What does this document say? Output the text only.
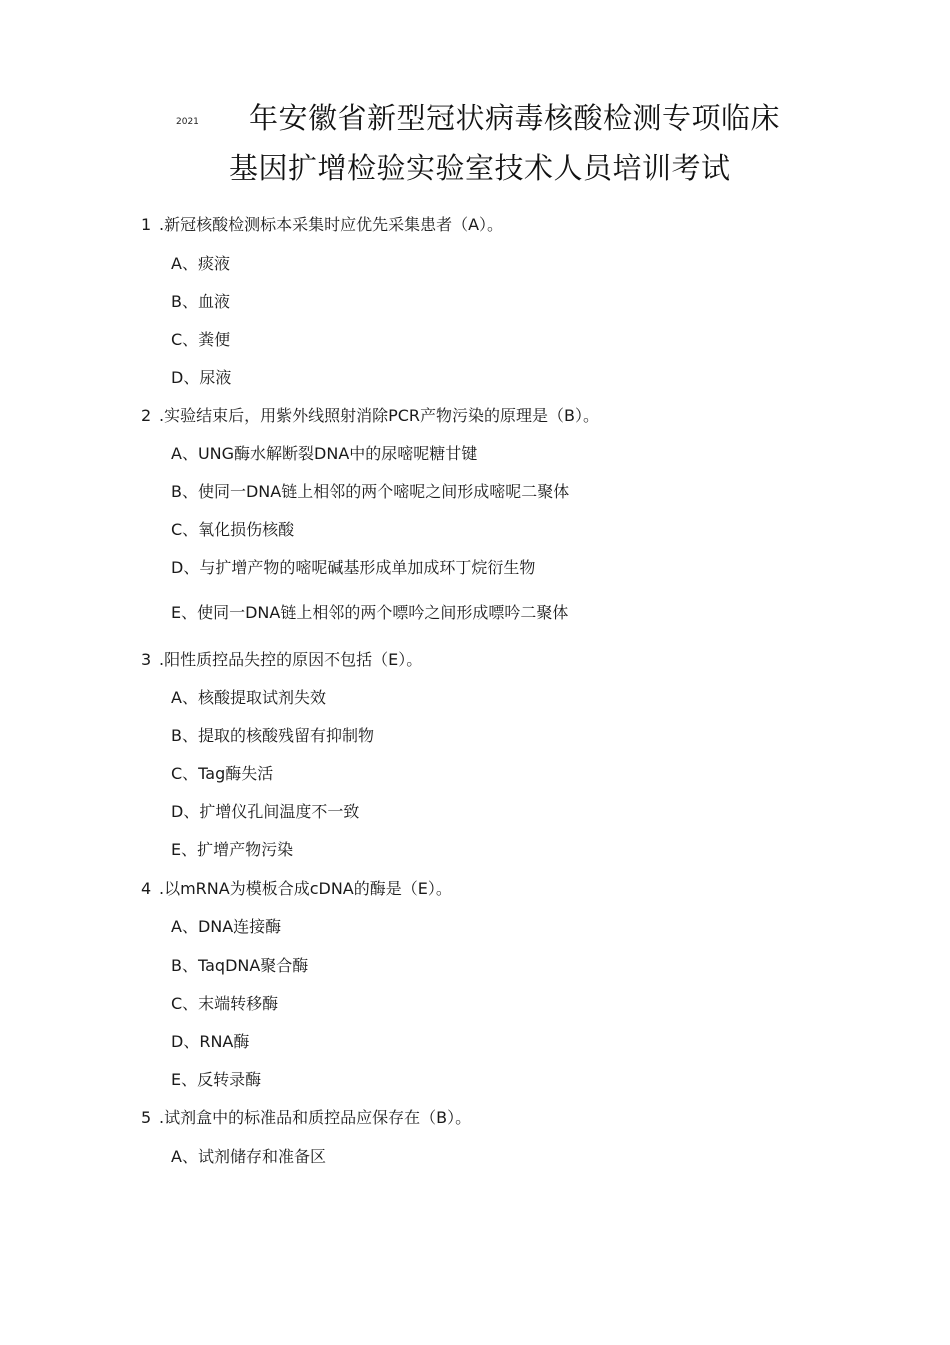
2021 年安徽省新型冠状病毒核酸检测专项临床
基因扩增检验实验室技术人员培训考试
1 .新冠核酸检测标本采集时应优先采集患者（A）。
A、痰液
B、血液
C、粪便
D、尿液
2 .实验结束后，用紫外线照射消除PCR产物污染的原理是（B）。
A、UNG酶水解断裂DNA中的尿嘧呢糖甘键
B、使同一DNA链上相邻的两个嘧呢之间形成嘧呢二聚体
C、氧化损伤核酸
D、与扩增产物的嘧呢碱基形成单加成环丁烷衍生物
E、使同一DNA链上相邻的两个嘌吟之间形成嘌吟二聚体
3 .阳性质控品失控的原因不包括（E）。
A、核酸提取试剂失效
B、提取的核酸残留有抑制物
C、Tag酶失活
D、扩增仪孔间温度不一致
E、扩增产物污染
4 .以mRNA为模板合成cDNA的酶是（E）。
A、DNA连接酶
B、TaqDNA聚合酶
C、末端转移酶
D、RNA酶
E、反转录酶
5 .试剂盒中的标准品和质控品应保存在（B）。
A、试剂储存和准备区
